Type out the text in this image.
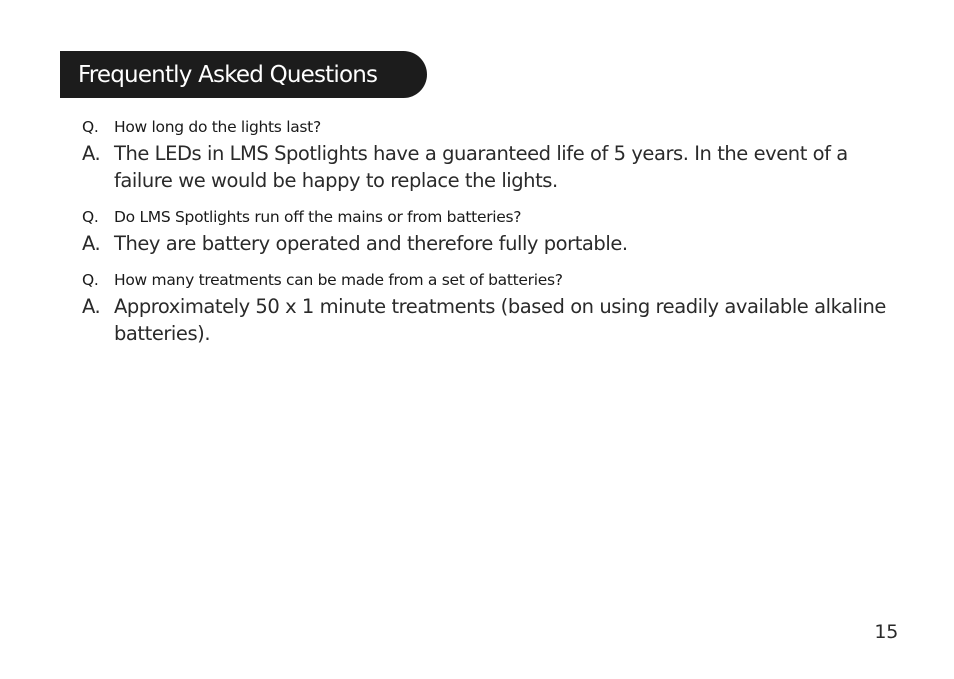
Frequently Asked Questions
Q. How long do the lights last?
A. The LEDs in LMS Spotlights have a guaranteed life of 5 years. In the event of a failure we would be happy to replace the lights.
Q. Do LMS Spotlights run off the mains or from batteries?
A. They are battery operated and therefore fully portable.
Q. How many treatments can be made from a set of batteries?
A. Approximately 50 x 1 minute treatments (based on using readily available alkaline batteries).
15
